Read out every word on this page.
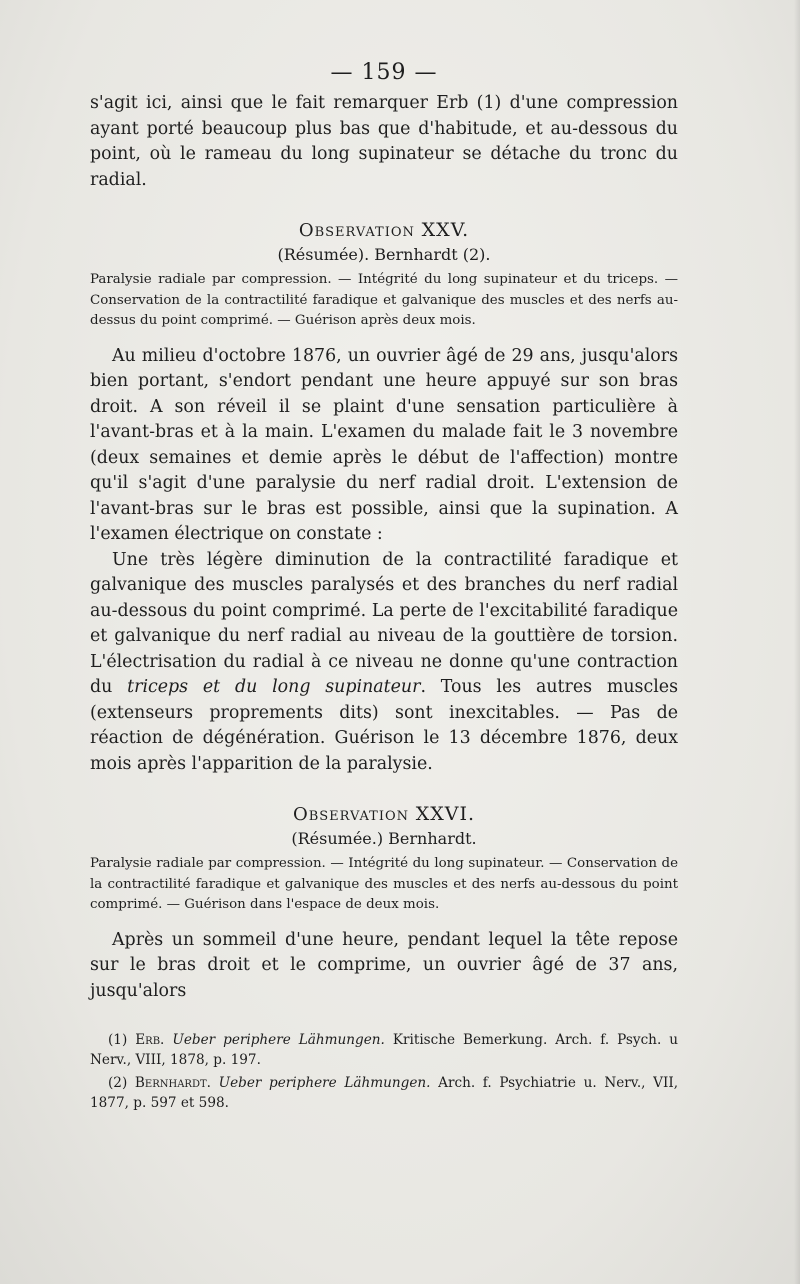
— 159 —

s'agit ici, ainsi que le fait remarquer Erb (1) d'une compression ayant porté beaucoup plus bas que d'habitude, et au-dessous du point, où le rameau du long supinateur se détache du tronc du radial.

Observation XXV.
(Résumée). Bernhardt (2).

Paralysie radiale par compression. — Intégrité du long supinateur et du triceps. — Conservation de la contractilité faradique et galvanique des muscles et des nerfs au-dessus du point comprimé. — Guérison après deux mois.

Au milieu d'octobre 1876, un ouvrier âgé de 29 ans, jusqu'alors bien portant, s'endort pendant une heure appuyé sur son bras droit. A son réveil il se plaint d'une sensation particulière à l'avant-bras et à la main. L'examen du malade fait le 3 novembre (deux semaines et demie après le début de l'affection) montre qu'il s'agit d'une paralysie du nerf radial droit. L'extension de l'avant-bras sur le bras est possible, ainsi que la supination. A l'examen électrique on constate :

Une très légère diminution de la contractilité faradique et galvanique des muscles paralysés et des branches du nerf radial au-dessous du point comprimé. La perte de l'excitabilité faradique et galvanique du nerf radial au niveau de la gouttière de torsion. L'électrisation du radial à ce niveau ne donne qu'une contraction du triceps et du long supinateur. Tous les autres muscles (extenseurs proprements dits) sont inexcitables. — Pas de réaction de dégénération. Guérison le 13 décembre 1876, deux mois après l'apparition de la paralysie.

Observation XXVI.
(Résumée.) Bernhardt.

Paralysie radiale par compression. — Intégrité du long supinateur. — Conservation de la contractilité faradique et galvanique des muscles et des nerfs au-dessous du point comprimé. — Guérison dans l'espace de deux mois.

Après un sommeil d'une heure, pendant lequel la tête repose sur le bras droit et le comprime, un ouvrier âgé de 37 ans, jusqu'alors

(1) Erb. Ueber periphere Lähmungen. Kritische Bemerkung. Arch. f. Psych. u Nerv., VIII, 1878, p. 197.

(2) Bernhardt. Ueber periphere Lähmungen. Arch. f. Psychiatrie u. Nerv., VII, 1877, p. 597 et 598.
